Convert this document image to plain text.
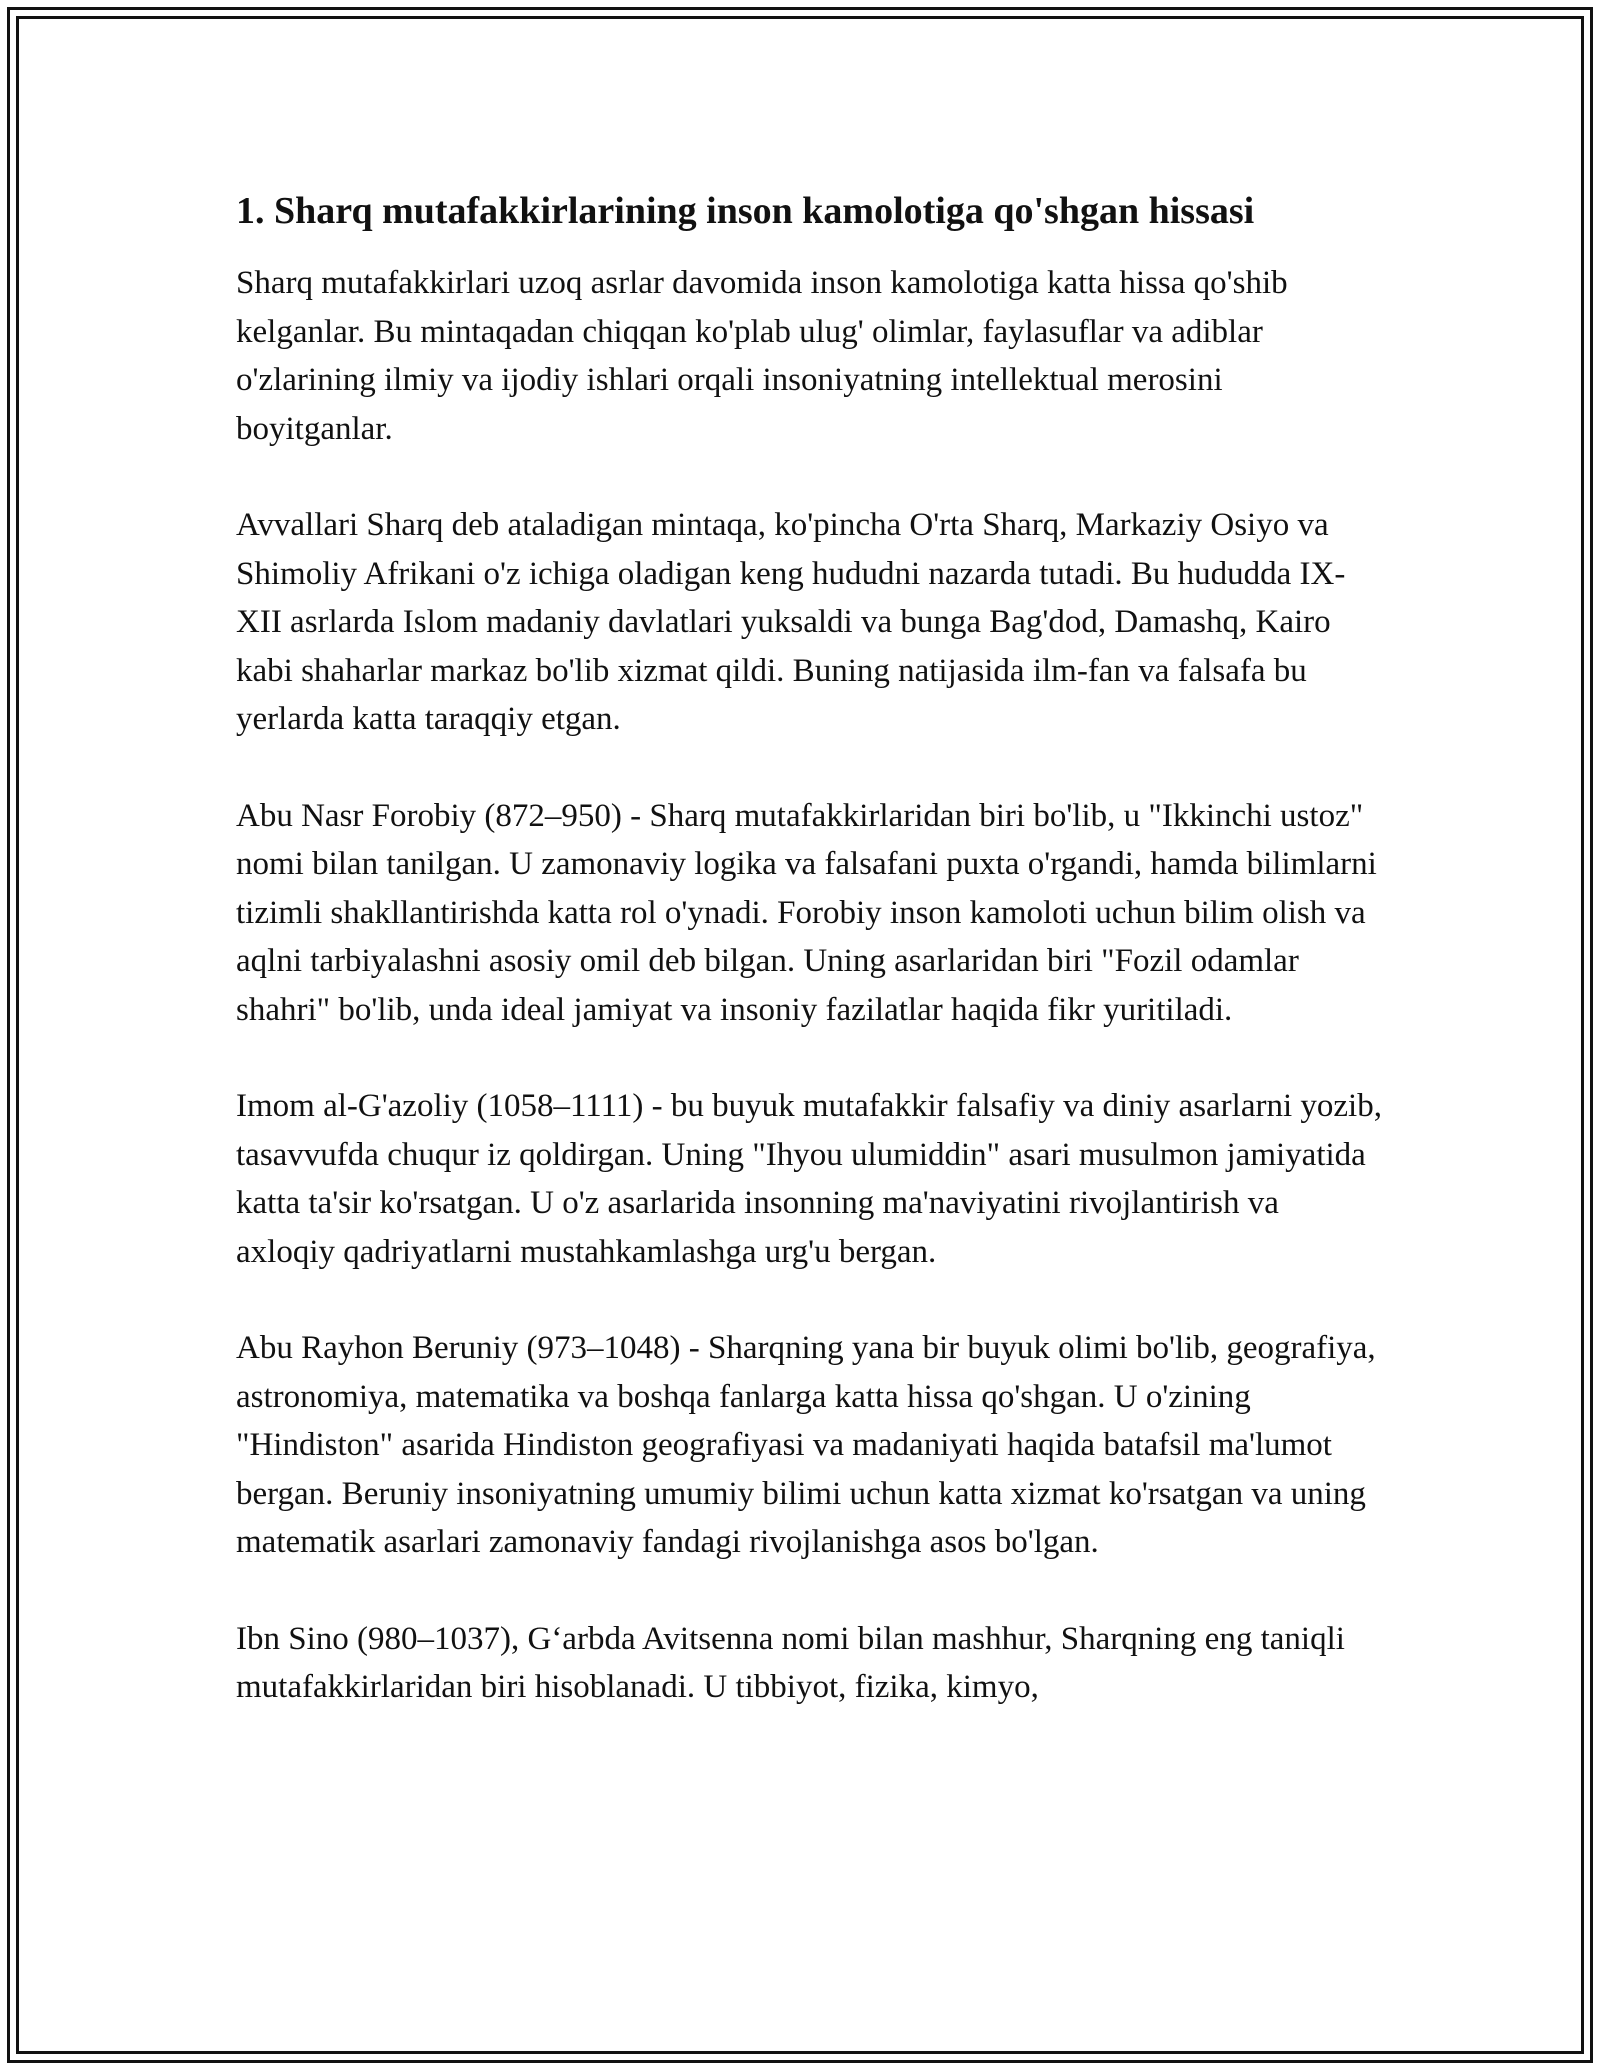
1. Sharq mutafakkirlarining inson kamolotiga qo'shgan hissasi

Sharq mutafakkirlari uzoq asrlar davomida inson kamolotiga katta hissa qo'shib kelganlar. Bu mintaqadan chiqqan ko'plab ulug' olimlar, faylasuflar va adiblar o'zlarining ilmiy va ijodiy ishlari orqali insoniyatning intellektual merosini boyitganlar.

Avvallari Sharq deb ataladigan mintaqa, ko'pincha O'rta Sharq, Markaziy Osiyo va Shimoliy Afrikani o'z ichiga oladigan keng hududni nazarda tutadi. Bu hududda IX-XII asrlarda Islom madaniy davlatlari yuksaldi va bunga Bag'dod, Damashq, Kairo kabi shaharlar markaz bo'lib xizmat qildi. Buning natijasida ilm-fan va falsafa bu yerlarda katta taraqqiy etgan.

Abu Nasr Forobiy (872–950) - Sharq mutafakkirlaridan biri bo'lib, u "Ikkinchi ustoz" nomi bilan tanilgan. U zamonaviy logika va falsafani puxta o'rgandi, hamda bilimlarni tizimli shakllantirishda katta rol o'ynadi. Forobiy inson kamoloti uchun bilim olish va aqlni tarbiyalashni asosiy omil deb bilgan. Uning asarlaridan biri "Fozil odamlar shahri" bo'lib, unda ideal jamiyat va insoniy fazilatlar haqida fikr yuritiladi.

Imom al-G'azoliy (1058–1111) - bu buyuk mutafakkir falsafiy va diniy asarlarni yozib, tasavvufda chuqur iz qoldirgan. Uning "Ihyou ulumiddin" asari musulmon jamiyatida katta ta'sir ko'rsatgan. U o'z asarlarida insonning ma'naviyatini rivojlantirish va axloqiy qadriyatlarni mustahkamlashga urg'u bergan.

Abu Rayhon Beruniy (973–1048) - Sharqning yana bir buyuk olimi bo'lib, geografiya, astronomiya, matematika va boshqa fanlarga katta hissa qo'shgan. U o'zining "Hindiston" asarida Hindiston geografiyasi va madaniyati haqida batafsil ma'lumot bergan. Beruniy insoniyatning umumiy bilimi uchun katta xizmat ko'rsatgan va uning matematik asarlari zamonaviy fandagi rivojlanishga asos bo'lgan.

Ibn Sino (980–1037), G‘arbda Avitsenna nomi bilan mashhur, Sharqning eng taniqli mutafakkirlaridan biri hisoblanadi. U tibbiyot, fizika, kimyo,
